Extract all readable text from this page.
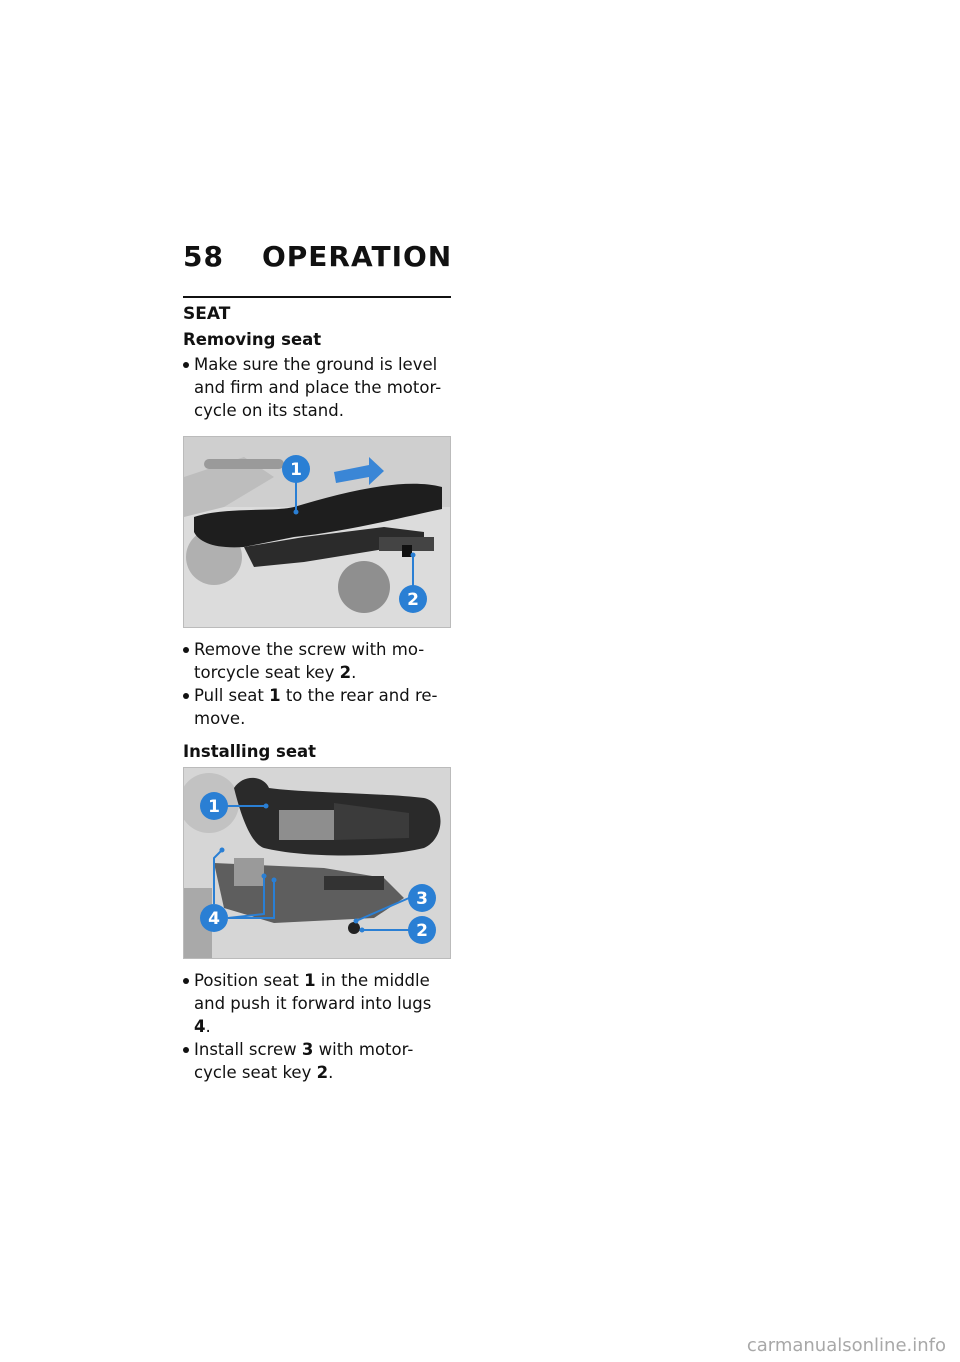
58 OPERATION
SEAT
Removing seat
Make sure the ground is level and firm and place the motor-cycle on its stand.
1
2
Remove the screw with mo-torcycle seat key 2.
Pull seat 1 to the rear and re-move.
Installing seat
1
3
2
4
Position seat 1 in the middle and push it forward into lugs 4.
Install screw 3 with motor-cycle seat key 2.
carmanualsonline.info
